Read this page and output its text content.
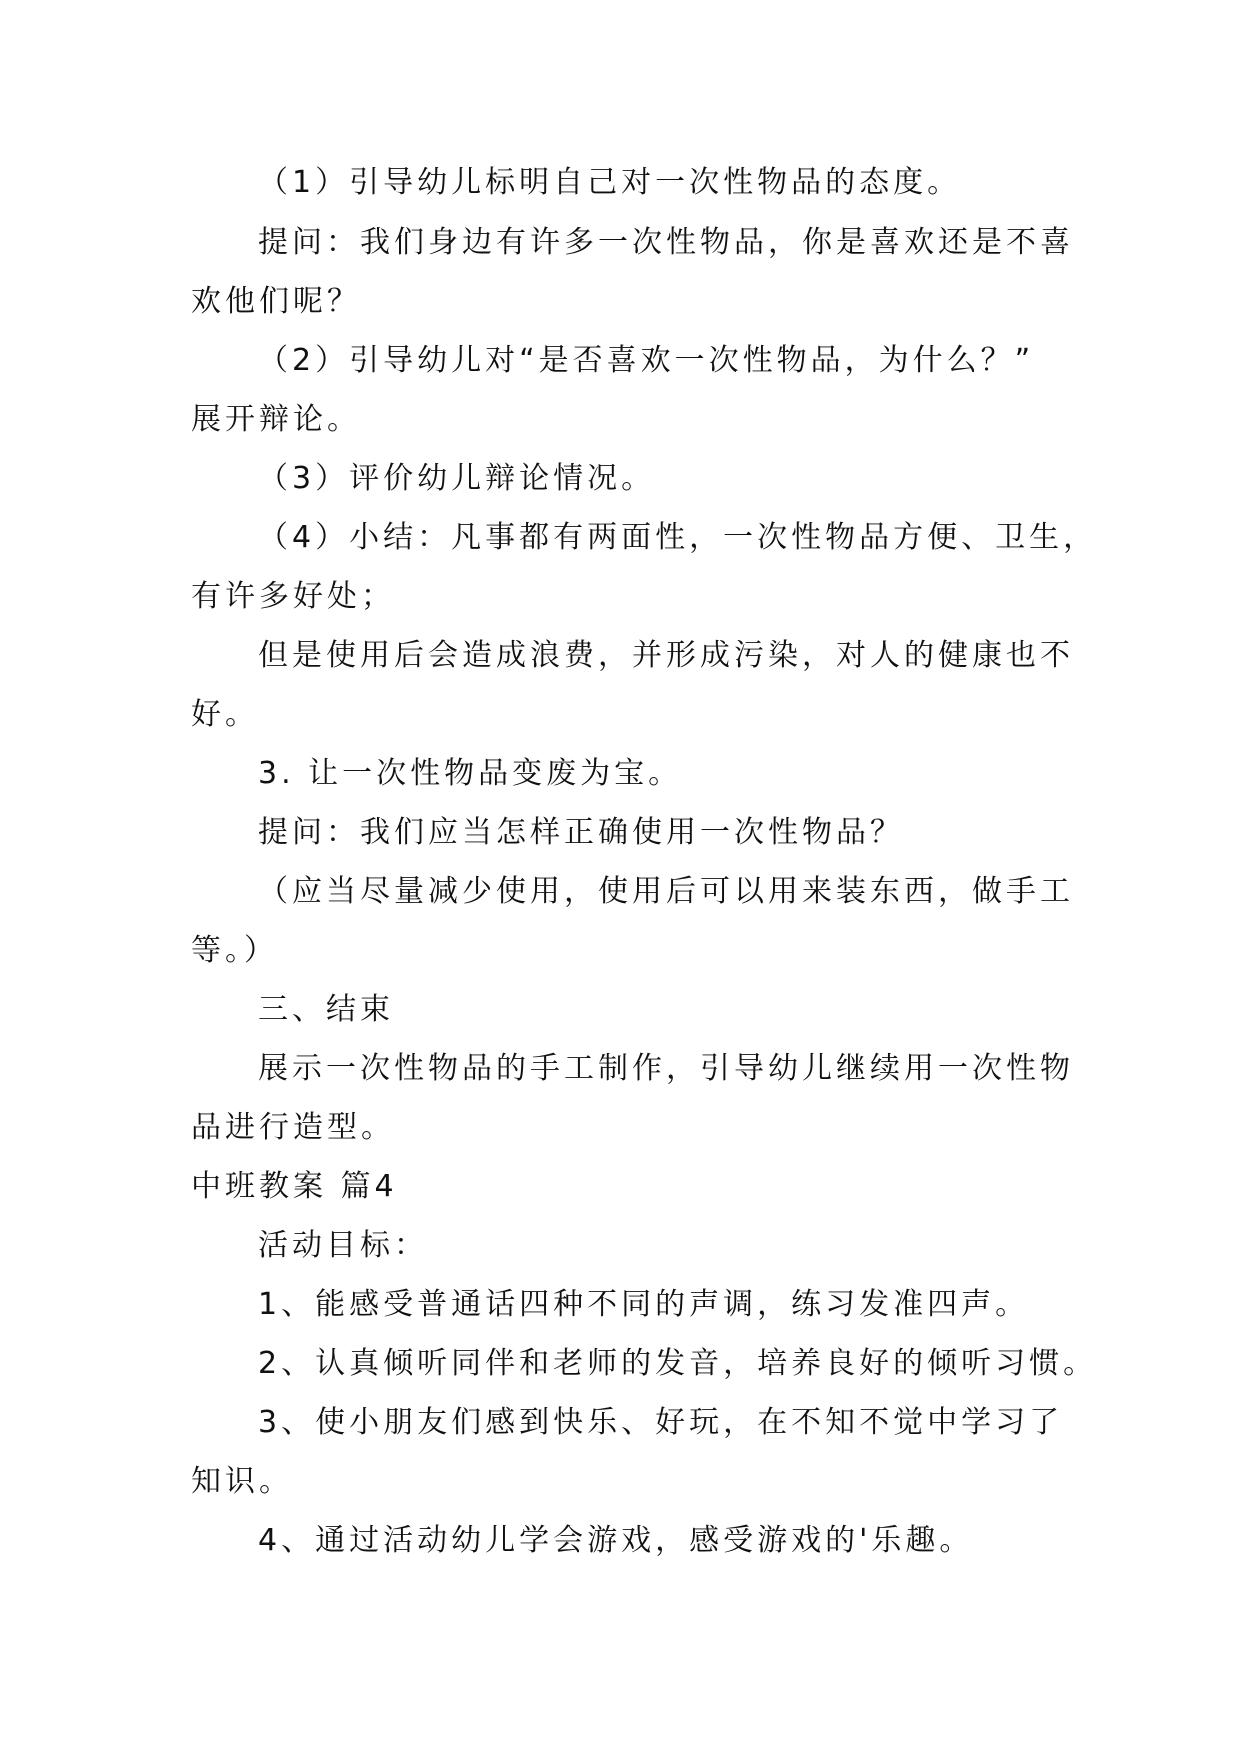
（1）引导幼儿标明自己对一次性物品的态度。
提问：我们身边有许多一次性物品，你是喜欢还是不喜
欢他们呢？
（2）引导幼儿对“是否喜欢一次性物品，为什么？”
展开辩论。
（3）评价幼儿辩论情况。
（4）小结：凡事都有两面性，一次性物品方便、卫生，
有许多好处；
但是使用后会造成浪费，并形成污染，对人的健康也不
好。
3. 让一次性物品变废为宝。
提问：我们应当怎样正确使用一次性物品？
（应当尽量减少使用，使用后可以用来装东西，做手工
等。）
三、结束
展示一次性物品的手工制作，引导幼儿继续用一次性物
品进行造型。
中班教案 篇4
活动目标：
1、能感受普通话四种不同的声调，练习发准四声。
2、认真倾听同伴和老师的发音，培养良好的倾听习惯。
3、使小朋友们感到快乐、好玩，在不知不觉中学习了
知识。
4、通过活动幼儿学会游戏，感受游戏的'乐趣。
